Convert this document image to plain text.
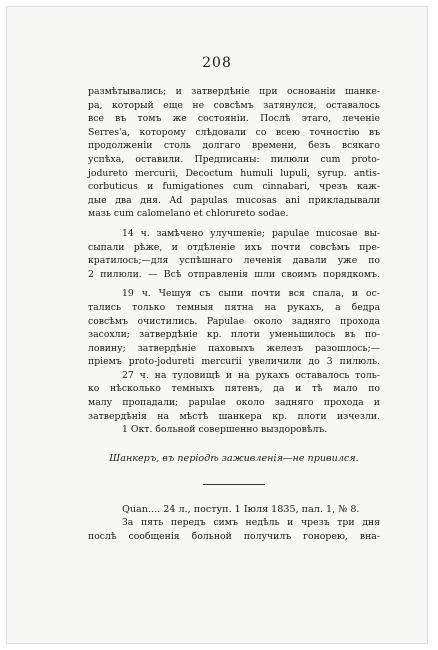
208
размѣтывались; и затвердѣніе при основаніи шанке-
ра, который еще не совсѣмъ затянулся, оставалось
все въ томъ же состояніи. Послѣ этаго, леченіе
Serres'a, которому слѣдовали со всею точностію въ
продолженіи столь долгаго времени, безъ всякаго
успѣха, оставили. Предписаны: пилюли cum proto-
jodureto mercurii, Decoctum humuli lupuli, syrup. antis-
corbuticus и fumigationes cum cinnabari, чрезъ каж-
дые два дня. Ad papulas mucosas ani прикладывали
мазь cum calomelano et chlorureto sodae.
14 ч. замѣчено улучшеніе; papulae mucosae вы-
сыпали рѣже, и отдѣленіе ихъ почти совсѣмъ пре-
кратилось;—для успѣшнаго леченія давали уже по
2 пилюли. — Всѣ отправленія шли своимъ порядкомъ.
19 ч. Чешуя съ сыпи почти вся спала, и ос-
тались только темныя пятна на рукахъ, а бедра
совсѣмъ очистились. Papulae около задняго прохода
засохли; затвердѣніе кр. плоти уменьшилось въ по-
ловину; затвердѣніе паховыхъ железъ разошлось;—
пріемъ proto-jodureti mercurii увеличили до 3 пилюль.
27 ч. на туловищѣ и на рукахъ оставалось толь-
ко нѣсколько темныхъ пятенъ, да и тѣ мало по
малу пропадали; papulae около задняго прохода и
затвердѣнія на мѣстѣ шанкера кр. плоти изчезли.
1 Окт. больной совершенно выздоровѣлъ.
Шанкеръ, въ періодѣ заживленія—не привился.
Quan.... 24 л., поступ. 1 Іюля 1835, пал. 1, № 8.
За пять передъ симъ недѣль и чрезъ три дня
послѣ сообщенія больной получилъ гонорею, вна-
